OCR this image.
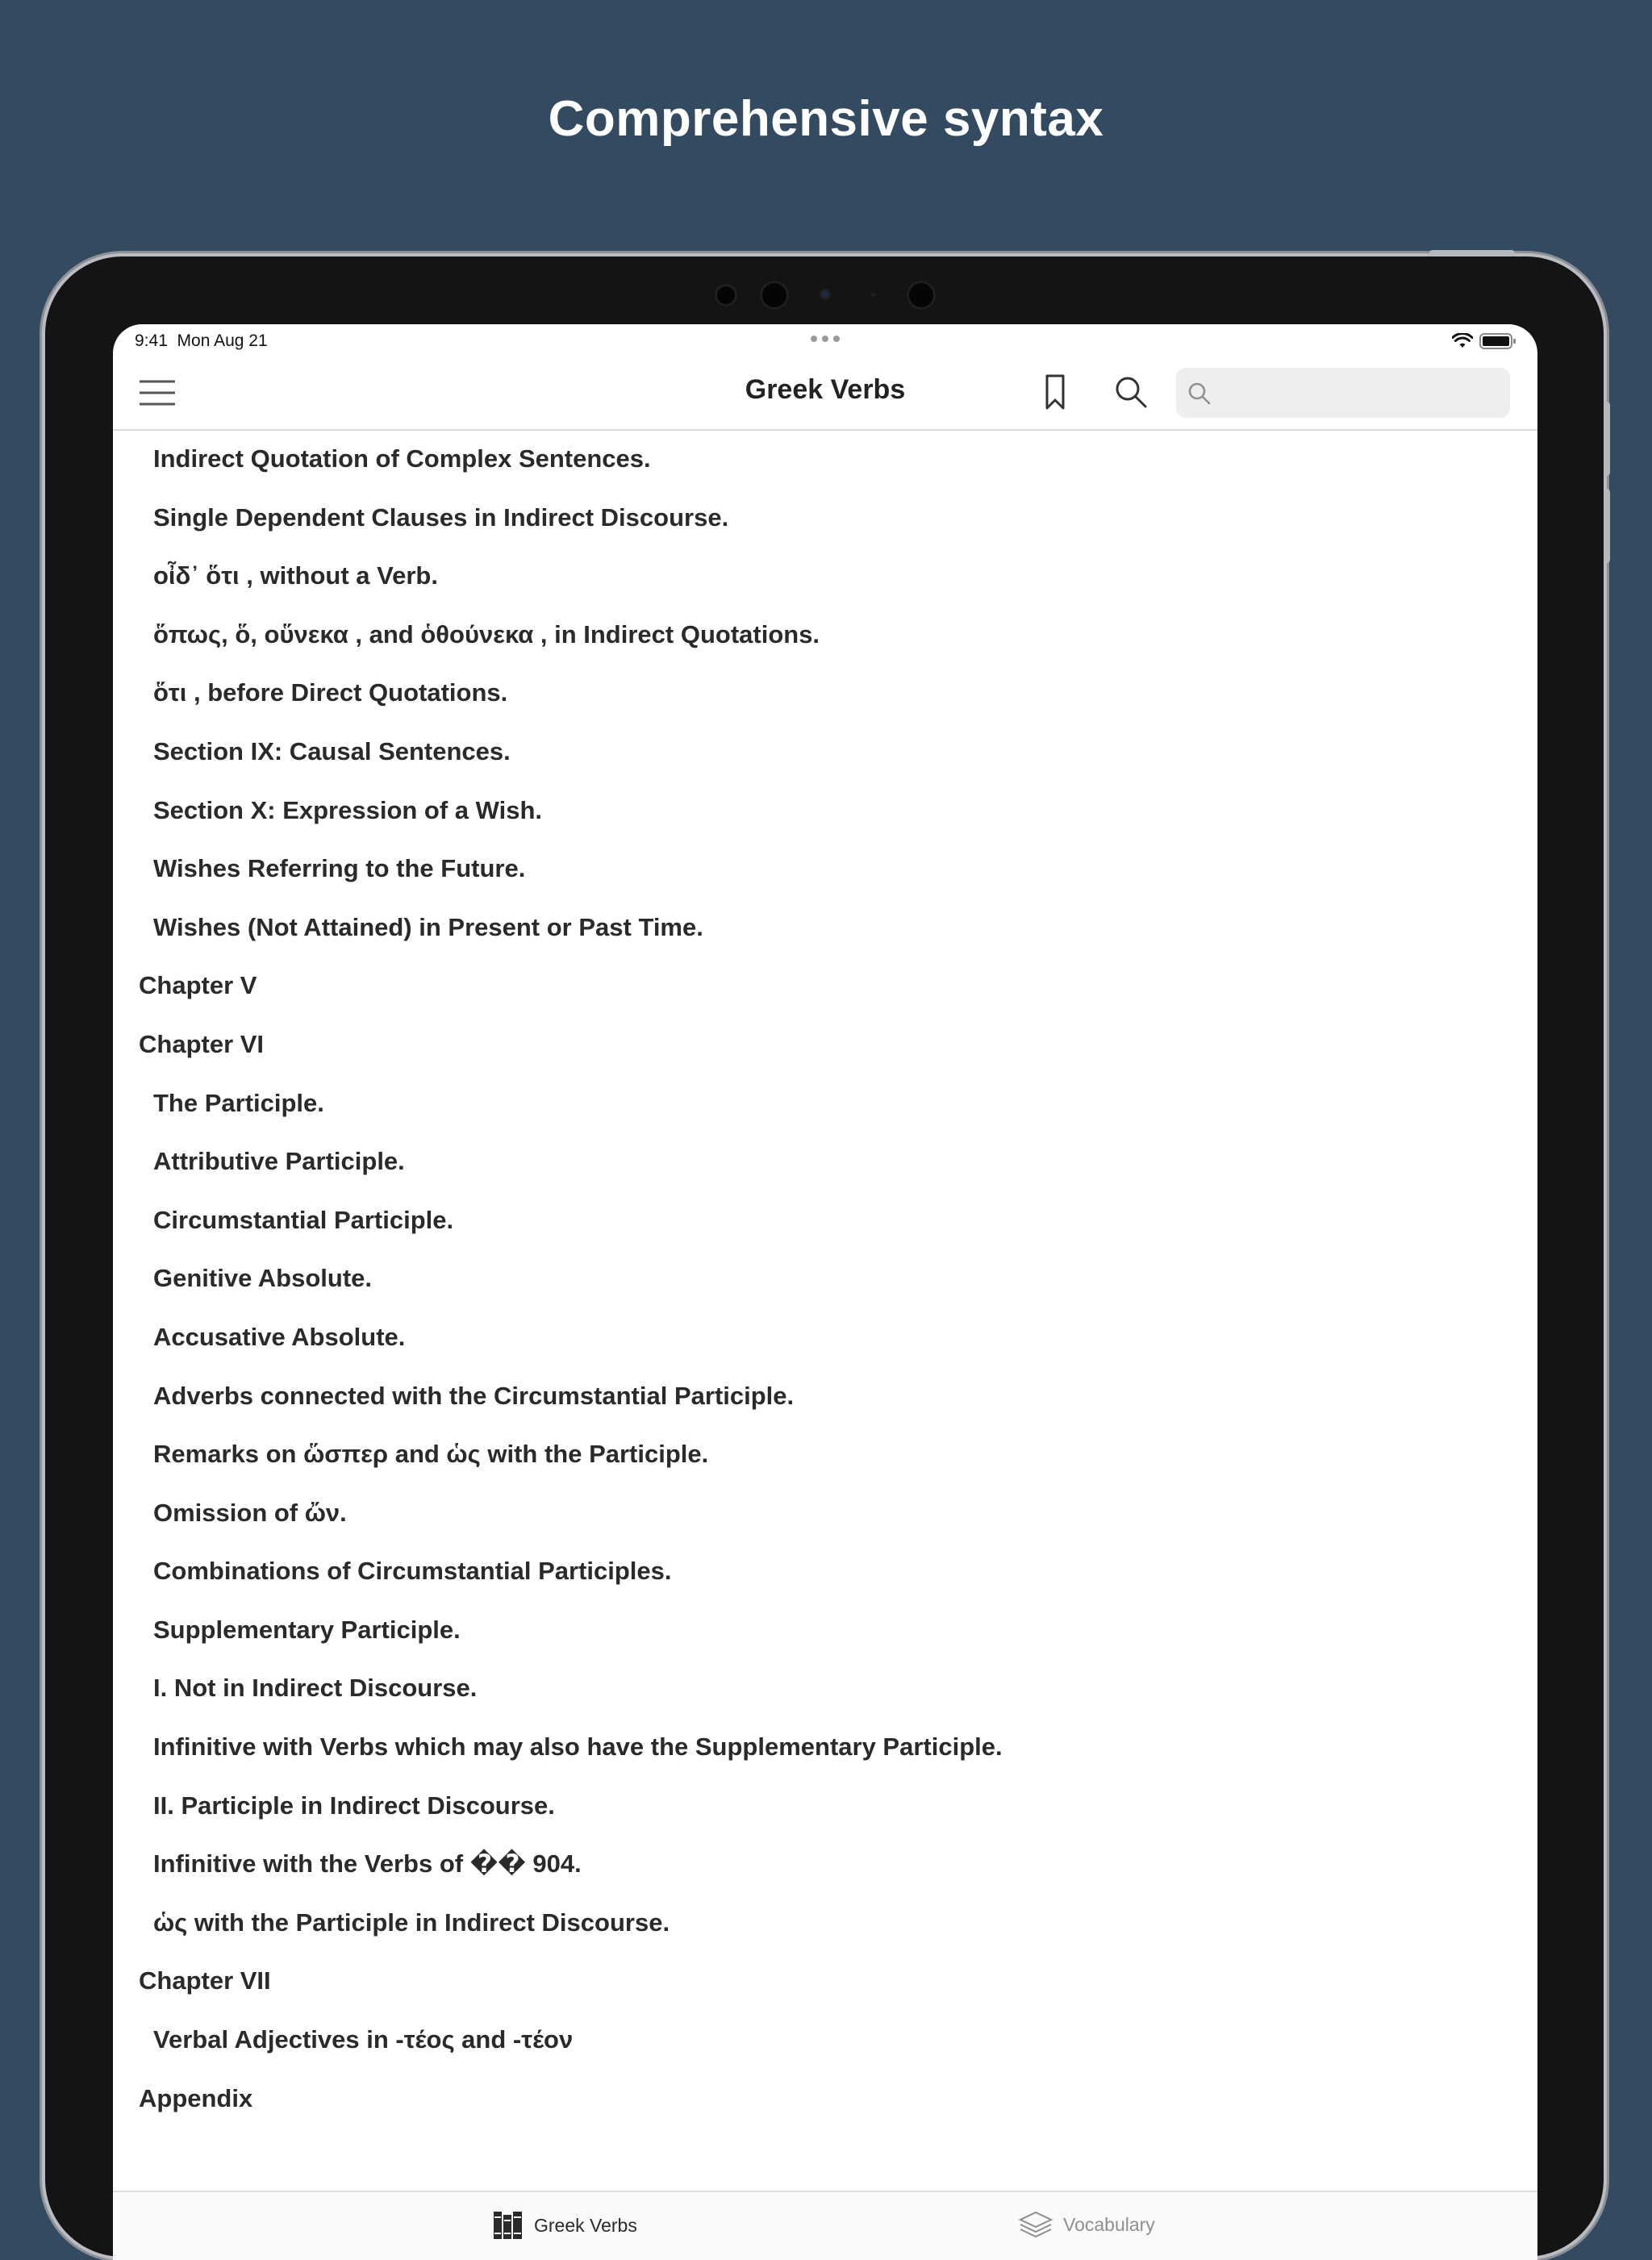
Comprehensive syntax
9:41 Mon Aug 21
Greek Verbs
Indirect Quotation of Complex Sentences.
Single Dependent Clauses in Indirect Discourse.
οἶδ᾽ ὅτι , without a Verb.
ὅπως, ὅ, οὕνεκα , and ὁθούνεκα , in Indirect Quotations.
ὅτι , before Direct Quotations.
Section IX: Causal Sentences.
Section X: Expression of a Wish.
Wishes Referring to the Future.
Wishes (Not Attained) in Present or Past Time.
Chapter V
Chapter VI
The Participle.
Attributive Participle.
Circumstantial Participle.
Genitive Absolute.
Accusative Absolute.
Adverbs connected with the Circumstantial Participle.
Remarks on ὥσπερ and ὡς with the Participle.
Omission of ὤν.
Combinations of Circumstantial Participles.
Supplementary Participle.
I. Not in Indirect Discourse.
Infinitive with Verbs which may also have the Supplementary Participle.
II. Participle in Indirect Discourse.
Infinitive with the Verbs of �� 904.
ὡς with the Participle in Indirect Discourse.
Chapter VII
Verbal Adjectives in -τέος and -τέον
Appendix
Greek Verbs	Vocabulary
